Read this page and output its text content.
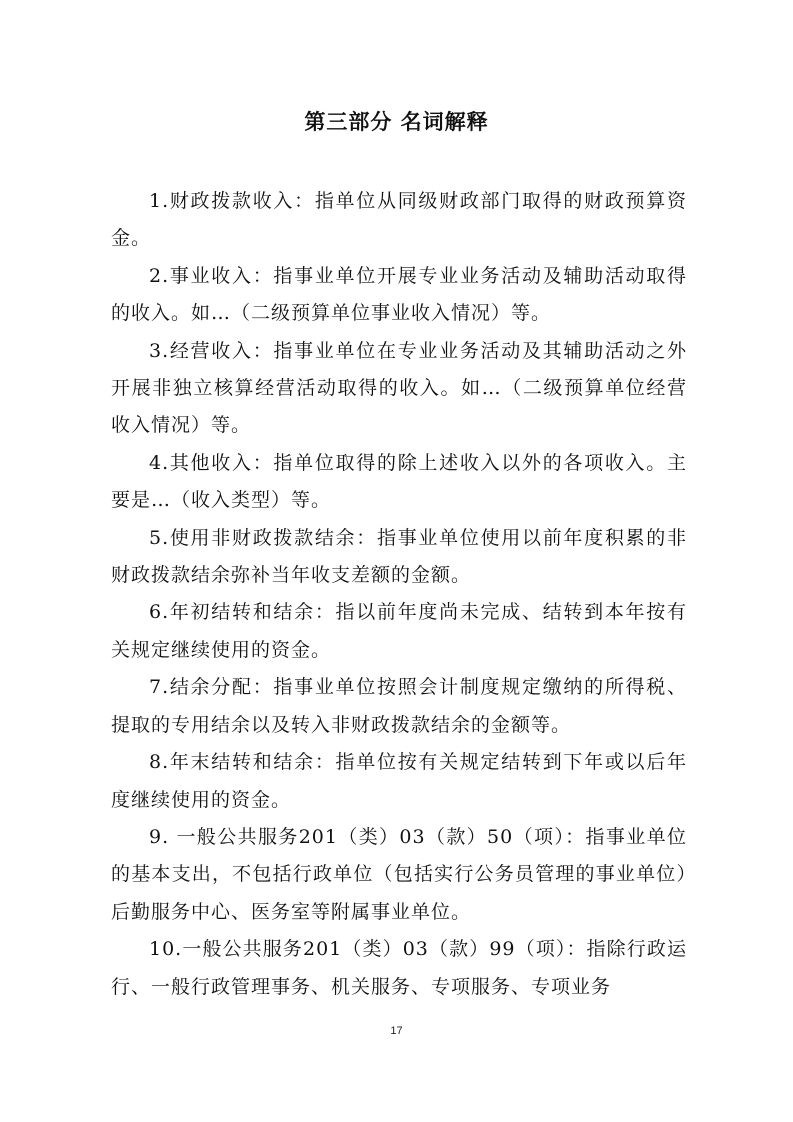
第三部分 名词解释

1.财政拨款收入：指单位从同级财政部门取得的财政预算资金。

2.事业收入：指事业单位开展专业业务活动及辅助活动取得的收入。如…（二级预算单位事业收入情况）等。

3.经营收入：指事业单位在专业业务活动及其辅助活动之外开展非独立核算经营活动取得的收入。如…（二级预算单位经营收入情况）等。

4.其他收入：指单位取得的除上述收入以外的各项收入。主要是…（收入类型）等。

5.使用非财政拨款结余：指事业单位使用以前年度积累的非财政拨款结余弥补当年收支差额的金额。

6.年初结转和结余：指以前年度尚未完成、结转到本年按有关规定继续使用的资金。

7.结余分配：指事业单位按照会计制度规定缴纳的所得税、提取的专用结余以及转入非财政拨款结余的金额等。

8.年末结转和结余：指单位按有关规定结转到下年或以后年度继续使用的资金。

9. 一般公共服务201（类）03（款）50（项）：指事业单位的基本支出，不包括行政单位（包括实行公务员管理的事业单位）后勤服务中心、医务室等附属事业单位。

10.一般公共服务201（类）03（款）99（项）：指除行政运行、一般行政管理事务、机关服务、专项服务、专项业务

17
